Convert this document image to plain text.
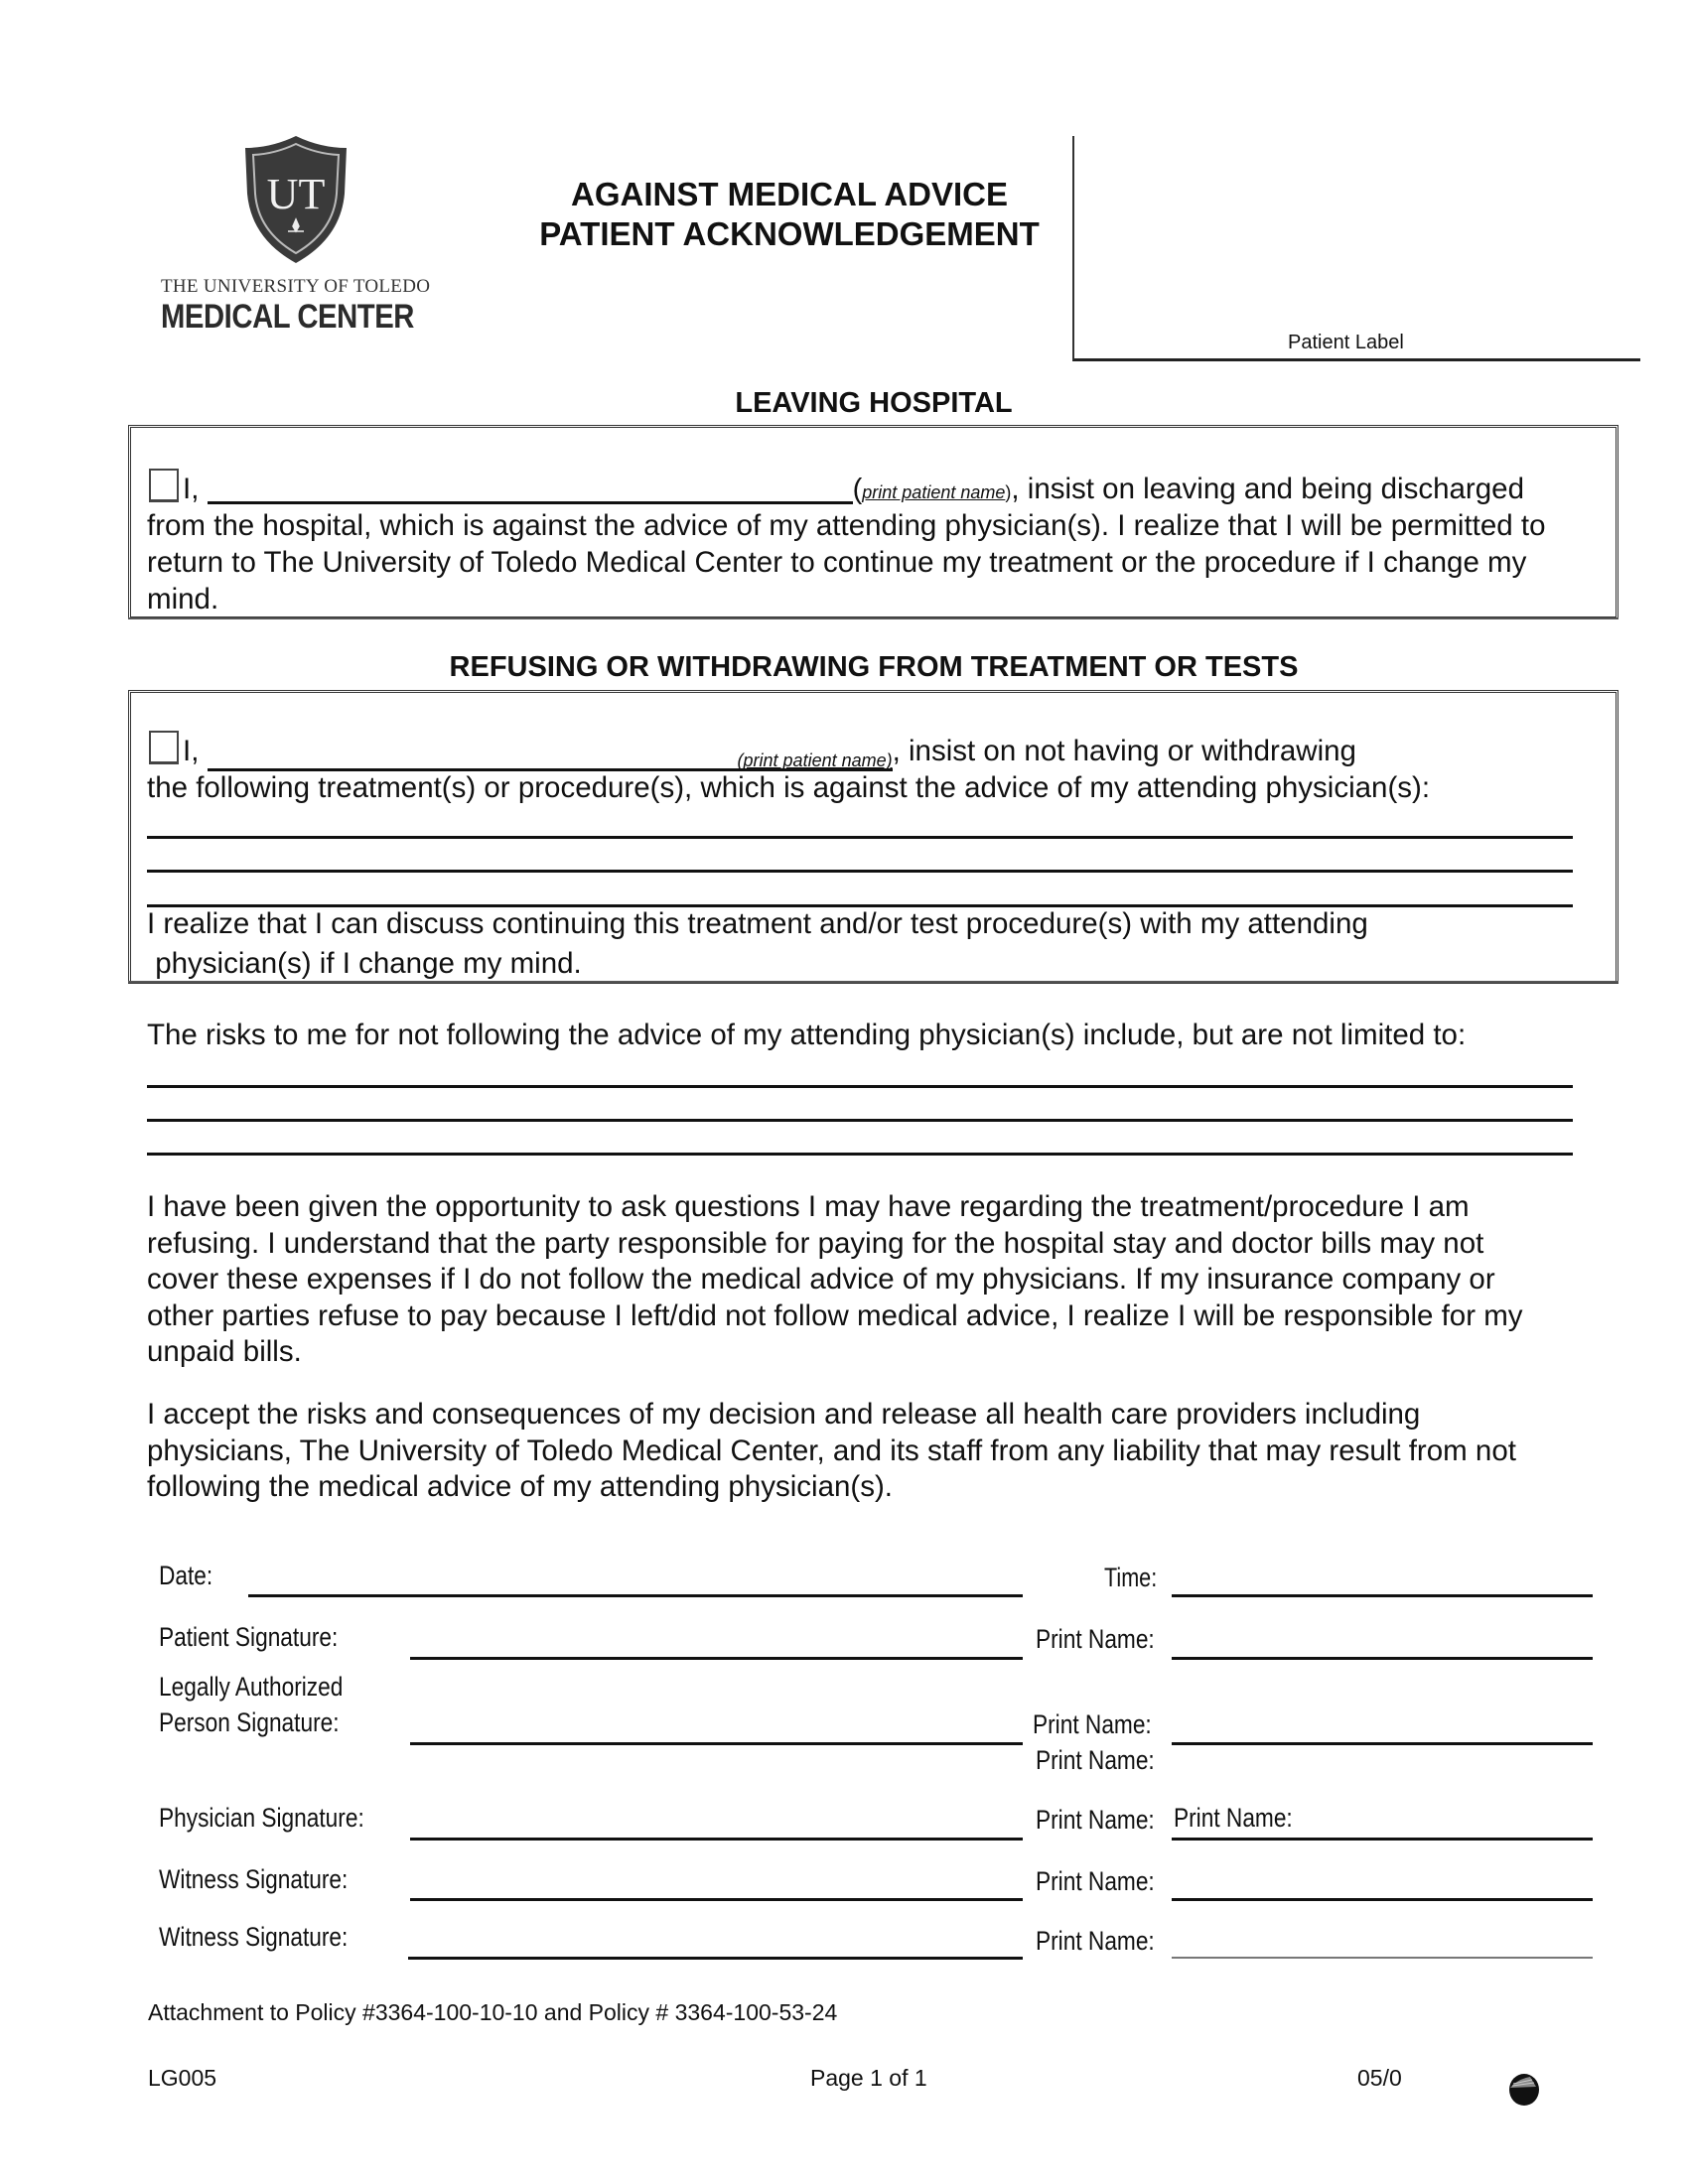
UT
THE UNIVERSITY OF TOLEDO
MEDICAL CENTER
AGAINST MEDICAL ADVICE
PATIENT ACKNOWLEDGEMENT
Patient Label
LEAVING HOSPITAL
I,	(print patient name), insist on leaving and being discharged
from the hospital, which is against the advice of my attending physician(s). I realize that I will be permitted to
return to The University of Toledo Medical Center to continue my treatment or the procedure if I change my
mind.
REFUSING OR WITHDRAWING FROM TREATMENT OR TESTS
I,	(print patient name), insist on not having or withdrawing
the following treatment(s) or procedure(s), which is against the advice of my attending physician(s):
I realize that I can discuss continuing this treatment and/or test procedure(s) with my attending
physician(s) if I change my mind.
The risks to me for not following the advice of my attending physician(s) include, but are not limited to:
I have been given the opportunity to ask questions I may have regarding the treatment/procedure I am
refusing. I understand that the party responsible for paying for the hospital stay and doctor bills may not
cover these expenses if I do not follow the medical advice of my physicians. If my insurance company or
other parties refuse to pay because I left/did not follow medical advice, I realize I will be responsible for my
unpaid bills.
I accept the risks and consequences of my decision and release all health care providers including
physicians, The University of Toledo Medical Center, and its staff from any liability that may result from not
following the medical advice of my attending physician(s).
Date:	Time:
Patient Signature:	Print Name:
Legally Authorized
Person Signature:	Print Name:
Print Name:
Physician Signature:	Print Name: Print Name:
Witness Signature:	Print Name:
Witness Signature:	Print Name:
Attachment to Policy #3364-100-10-10 and Policy # 3364-100-53-24
LG005	Page 1 of 1	05/0
